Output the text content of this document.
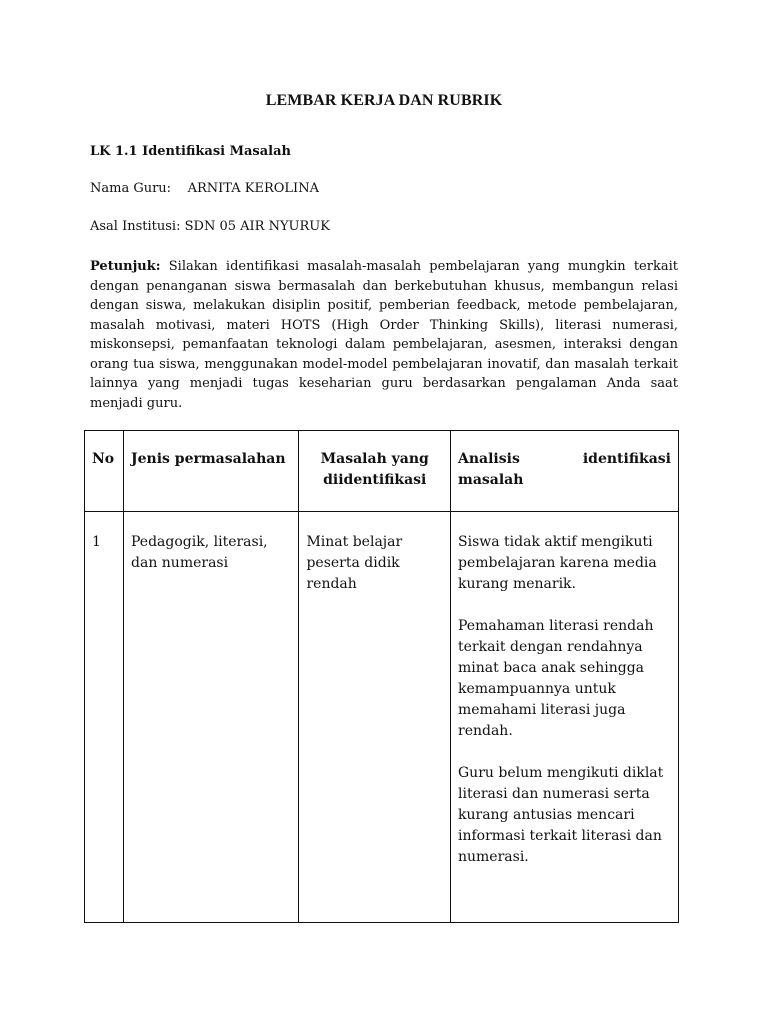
LEMBAR KERJA DAN RUBRIK
LK 1.1 Identifikasi Masalah
Nama Guru: ARNITA KEROLINA
Asal Institusi: SDN 05 AIR NYURUK
Petunjuk: Silakan identifikasi masalah-masalah pembelajaran yang mungkin terkait dengan penanganan siswa bermasalah dan berkebutuhan khusus, membangun relasi dengan siswa, melakukan disiplin positif, pemberian feedback, metode pembelajaran, masalah motivasi, materi HOTS (High Order Thinking Skills), literasi numerasi, miskonsepsi, pemanfaatan teknologi dalam pembelajaran, asesmen, interaksi dengan orang tua siswa, menggunakan model-model pembelajaran inovatif, dan masalah terkait lainnya yang menjadi tugas keseharian guru berdasarkan pengalaman Anda saat menjadi guru.
No	Jenis permasalahan	Masalah yang diidentifikasi	Analisis identifikasi
masalah

1	Pedagogik, literasi, dan numerasi	Minat belajar peserta didik rendah	Siswa tidak aktif mengikuti pembelajaran karena media kurang menarik.

Pemahaman literasi rendah terkait dengan rendahnya minat baca anak sehingga kemampuannya untuk memahami literasi juga rendah.

Guru belum mengikuti diklat literasi dan numerasi serta kurang antusias mencari informasi terkait literasi dan numerasi.
